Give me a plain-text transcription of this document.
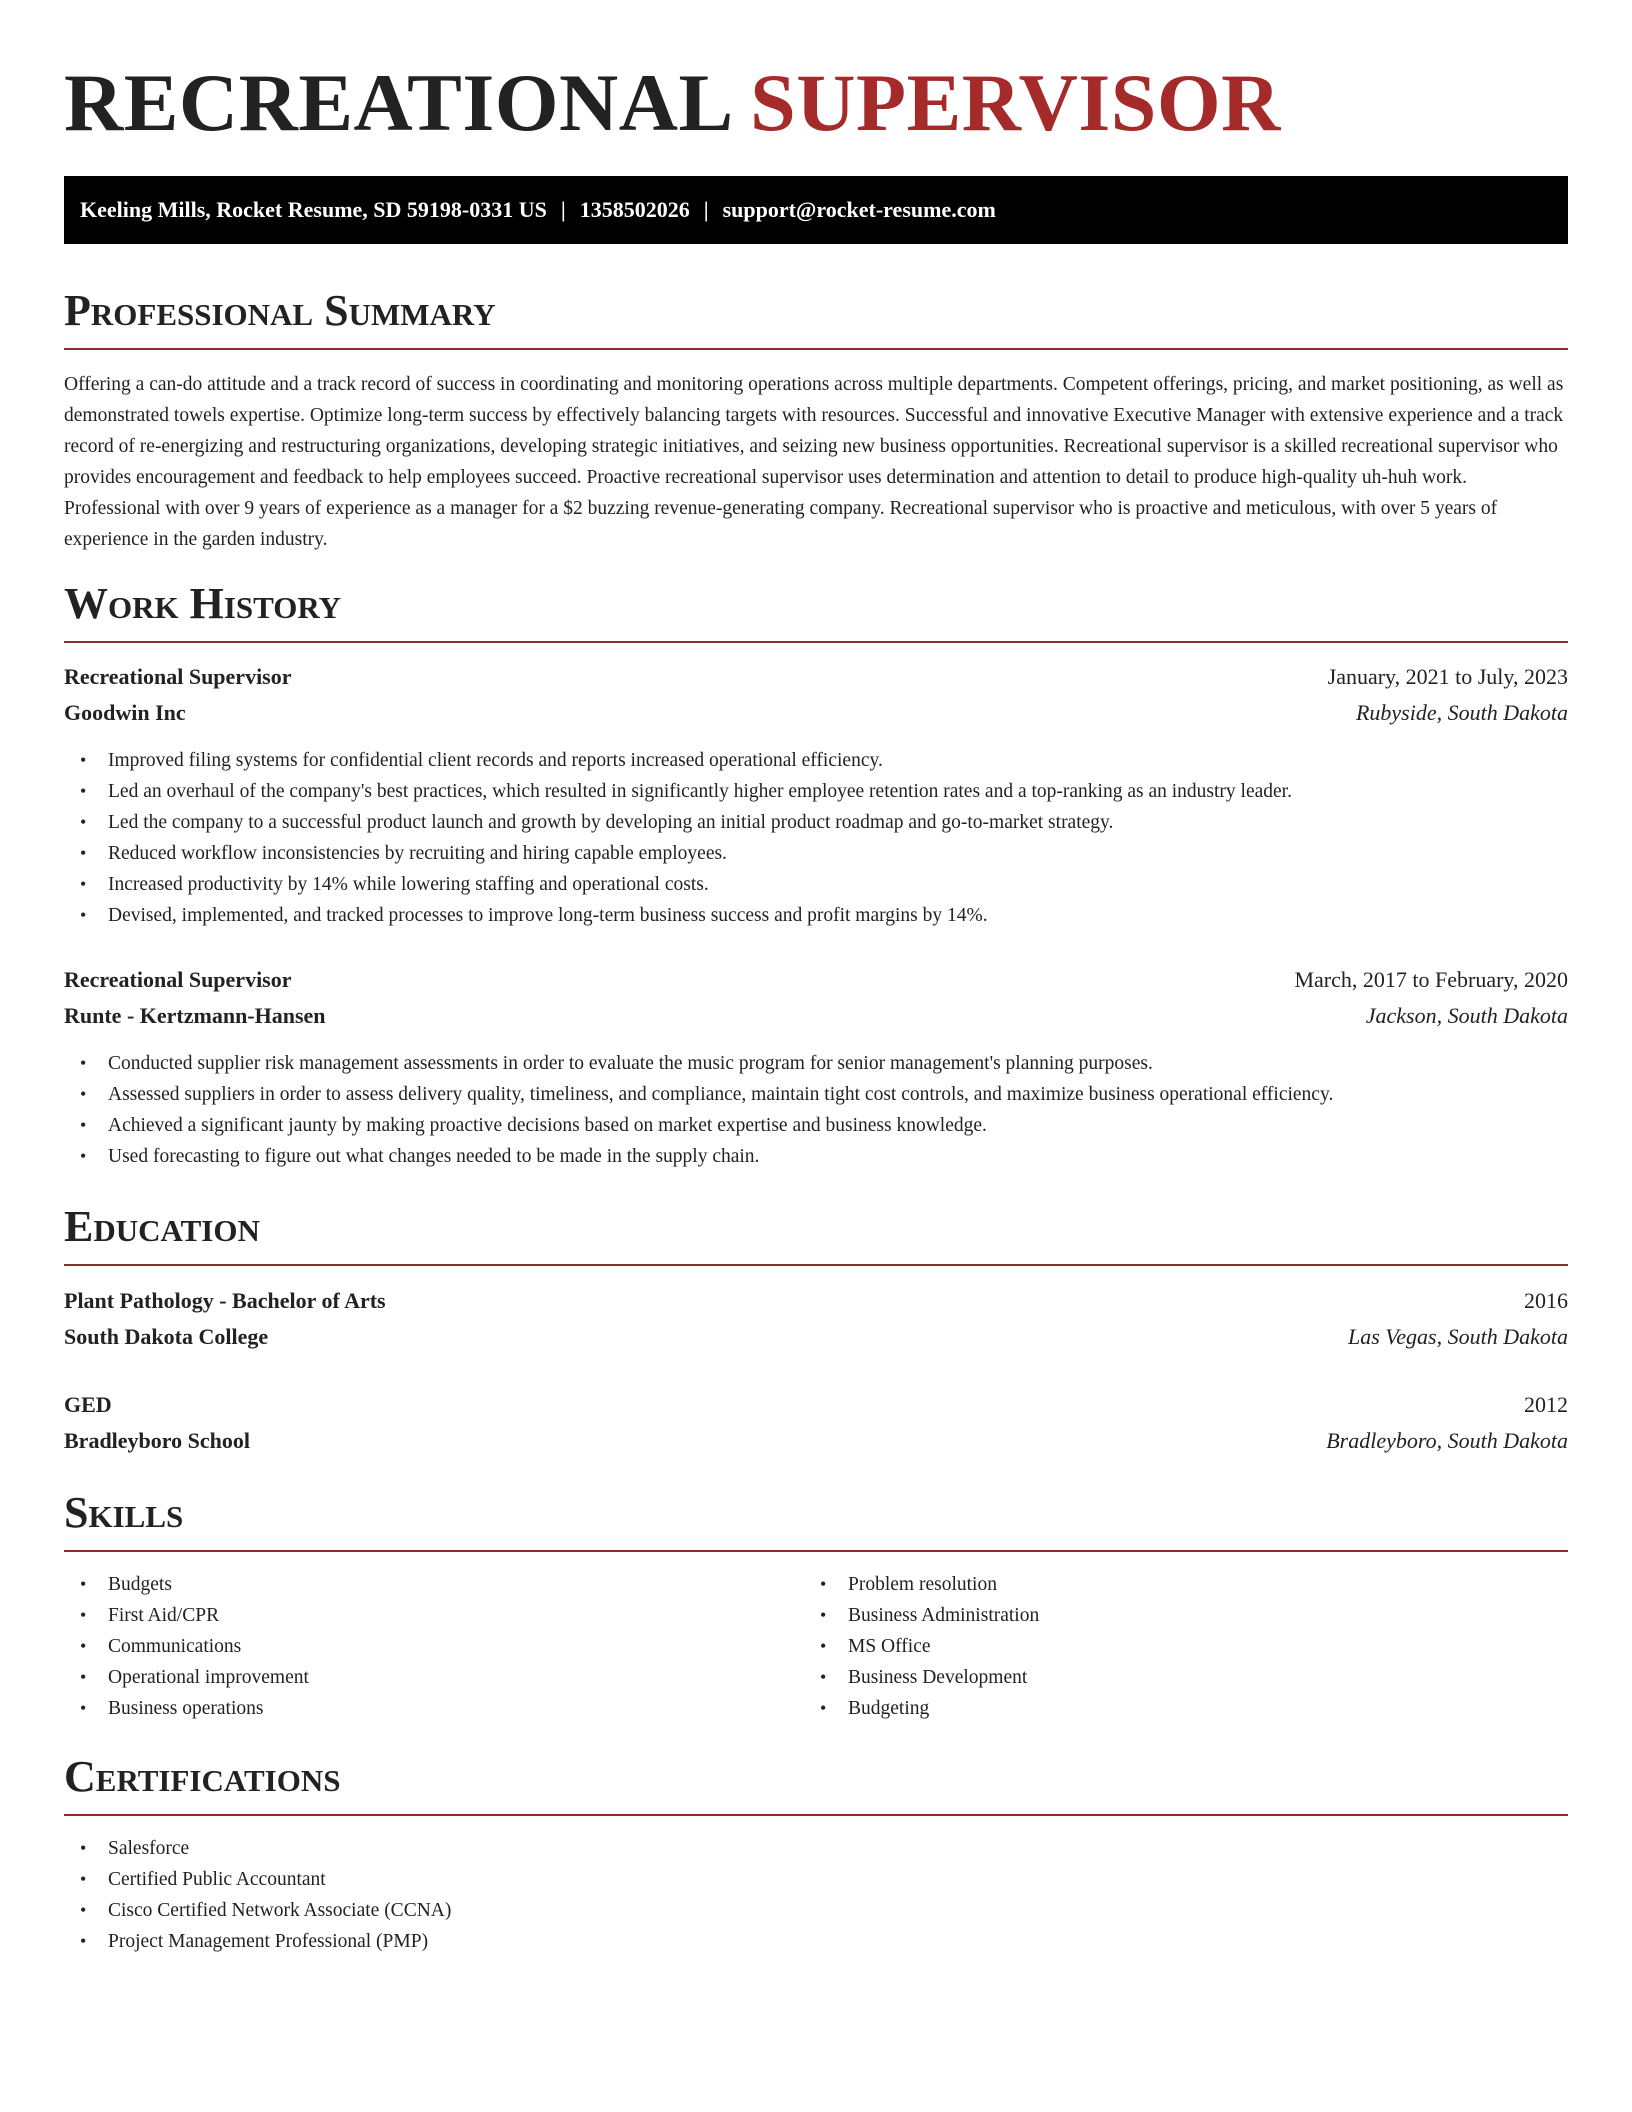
RECREATIONAL SUPERVISOR
Keeling Mills, Rocket Resume, SD 59198-0331 US | 1358502026 | support@rocket-resume.com
Professional Summary

Offering a can-do attitude and a track record of success in coordinating and monitoring operations across multiple departments. Competent offerings, pricing, and market positioning, as well as demonstrated towels expertise. Optimize long-term success by effectively balancing targets with resources. Successful and innovative Executive Manager with extensive experience and a track record of re-energizing and restructuring organizations, developing strategic initiatives, and seizing new business opportunities. Recreational supervisor is a skilled recreational supervisor who provides encouragement and feedback to help employees succeed. Proactive recreational supervisor uses determination and attention to detail to produce high-quality uh-huh work. Professional with over 9 years of experience as a manager for a $2 buzzing revenue-generating company. Recreational supervisor who is proactive and meticulous, with over 5 years of experience in the garden industry.

Work History
Recreational Supervisor	January, 2021 to July, 2023
Goodwin Inc	Rubyside, South Dakota
• Improved filing systems for confidential client records and reports increased operational efficiency.
• Led an overhaul of the company's best practices, which resulted in significantly higher employee retention rates and a top-ranking as an industry leader.
• Led the company to a successful product launch and growth by developing an initial product roadmap and go-to-market strategy.
• Reduced workflow inconsistencies by recruiting and hiring capable employees.
• Increased productivity by 14% while lowering staffing and operational costs.
• Devised, implemented, and tracked processes to improve long-term business success and profit margins by 14%.
Recreational Supervisor	March, 2017 to February, 2020
Runte - Kertzmann-Hansen	Jackson, South Dakota
• Conducted supplier risk management assessments in order to evaluate the music program for senior management's planning purposes.
• Assessed suppliers in order to assess delivery quality, timeliness, and compliance, maintain tight cost controls, and maximize business operational efficiency.
• Achieved a significant jaunty by making proactive decisions based on market expertise and business knowledge.
• Used forecasting to figure out what changes needed to be made in the supply chain.
Education
Plant Pathology - Bachelor of Arts	2016
South Dakota College	Las Vegas, South Dakota
GED	2012
Bradleyboro School	Bradleyboro, South Dakota
Skills
• Budgets
• First Aid/CPR
• Communications
• Operational improvement
• Business operations
• Problem resolution
• Business Administration
• MS Office
• Business Development
• Budgeting
Certifications
• Salesforce
• Certified Public Accountant
• Cisco Certified Network Associate (CCNA)
• Project Management Professional (PMP)
